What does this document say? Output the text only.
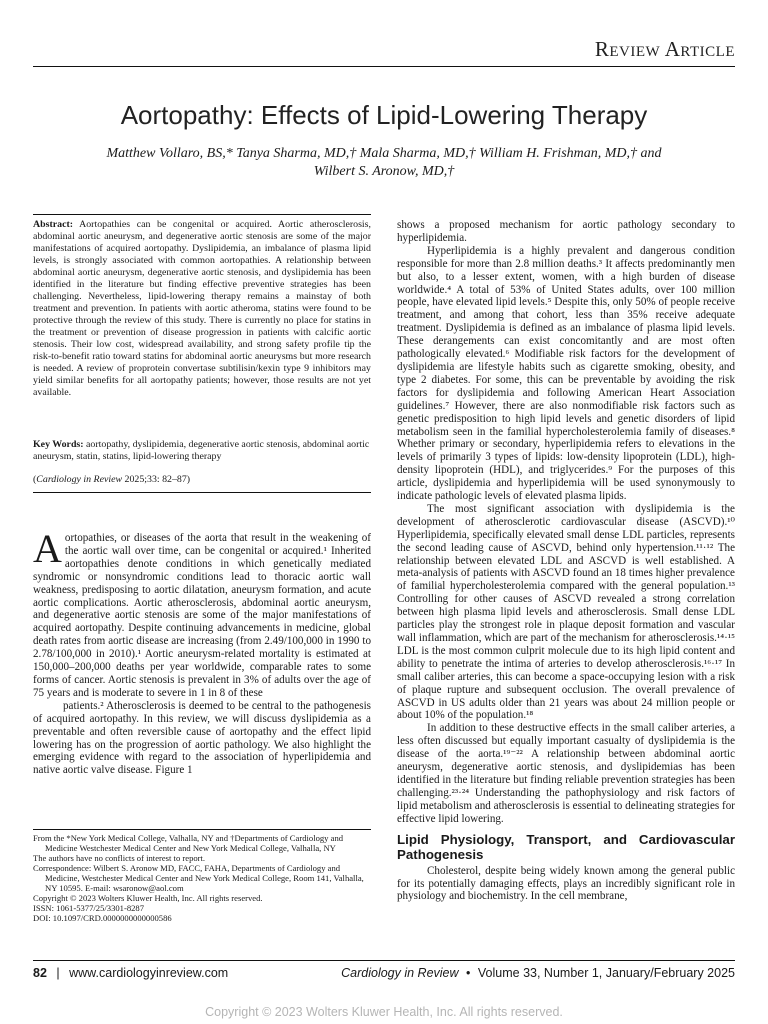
Review Article
Aortopathy: Effects of Lipid-Lowering Therapy
Matthew Vollaro, BS,* Tanya Sharma, MD,† Mala Sharma, MD,† William H. Frishman, MD,† and
Wilbert S. Aronow, MD,†
Abstract: Aortopathies can be congenital or acquired. Aortic atherosclerosis, abdominal aortic aneurysm, and degenerative aortic stenosis are some of the major manifestations of acquired aortopathy. Dyslipidemia, an imbalance of plasma lipid levels, is strongly associated with common aortopathies. A relationship between abdominal aortic aneurysm, degenerative aortic stenosis, and dyslipidemia has been identified in the literature but finding effective preventive strategies has been challenging. Nevertheless, lipid-lowering therapy remains a mainstay of both treatment and prevention. In patients with aortic atheroma, statins were found to be protective through the review of this study. There is currently no place for statins in the treatment or prevention of disease progression in patients with calcific aortic stenosis. Their low cost, widespread availability, and strong safety profile tip the risk-to-benefit ratio toward statins for abdominal aortic aneurysms but more research is needed. A review of proprotein convertase subtilisin/kexin type 9 inhibitors may yield similar benefits for all aortopathy patients; however, those results are not yet available.
Key Words: aortopathy, dyslipidemia, degenerative aortic stenosis, abdominal aortic aneurysm, statin, statins, lipid-lowering therapy
(Cardiology in Review 2025;33: 82–87)

Aortopathies, or diseases of the aorta that result in the weakening of the aortic wall over time, can be congenital or acquired.¹ Inherited aortopathies denote conditions in which genetically mediated syndromic or nonsyndromic conditions lead to thoracic aortic wall weakness, predisposing to aortic dilatation, aneurysm formation, and acute aortic complications. Aortic atherosclerosis, abdominal aortic aneurysm, and degenerative aortic stenosis are some of the major manifestations of acquired aortopathy. Despite continuing advancements in medicine, global death rates from aortic disease are increasing (from 2.49/100,000 in 1990 to 2.78/100,000 in 2010).¹ Aortic aneurysm-related mortality is estimated at 150,000–200,000 deaths per year worldwide, comparable rates to some forms of cancer. Aortic stenosis is prevalent in 3% of adults over the age of 75 years and is moderate to severe in 1 in 8 of these

patients.² Atherosclerosis is deemed to be central to the pathogenesis of acquired aortopathy. In this review, we will discuss dyslipidemia as a preventable and often reversible cause of aortopathy and the effect lipid lowering has on the progression of aortic pathology. We also highlight the emerging evidence with regard to the association of hyperlipidemia and native aortic valve disease. Figure 1

From the *New York Medical College, Valhalla, NY and †Departments of Cardiology and Medicine Westchester Medical Center and New York Medical College, Valhalla, NY

The authors have no conflicts of interest to report.

Correspondence: Wilbert S. Aronow MD, FACC, FAHA, Departments of Cardiology and Medicine, Westchester Medical Center and New York Medical College, Room 141, Valhalla, NY 10595. E-mail: wsaronow@aol.com

Copyright © 2023 Wolters Kluwer Health, Inc. All rights reserved.

ISSN: 1061-5377/25/3301-8287

DOI: 10.1097/CRD.0000000000000586

shows a proposed mechanism for aortic pathology secondary to hyperlipidemia.

Hyperlipidemia is a highly prevalent and dangerous condition responsible for more than 2.8 million deaths.³ It affects predominantly men but also, to a lesser extent, women, with a high burden of disease worldwide.⁴ A total of 53% of United States adults, over 100 million people, have elevated lipid levels.⁵ Despite this, only 50% of people receive treatment, and among that cohort, less than 35% receive adequate treatment. Dyslipidemia is defined as an imbalance of plasma lipid levels. These derangements can exist concomitantly and are most often pathologically elevated.⁶ Modifiable risk factors for the development of dyslipidemia are lifestyle habits such as cigarette smoking, obesity, and type 2 diabetes. For some, this can be preventable by avoiding the risk factors for dyslipidemia and following American Heart Association guidelines.⁷ However, there are also nonmodifiable risk factors such as genetic predisposition to high lipid levels and genetic disorders of lipid metabolism seen in the familial hypercholesterolemia family of diseases.⁸ Whether primary or secondary, hyperlipidemia refers to elevations in the levels of primarily 3 types of lipids: low-density lipoprotein (LDL), high-density lipoprotein (HDL), and triglycerides.⁹ For the purposes of this article, dyslipidemia and hyperlipidemia will be used synonymously to indicate pathologic levels of elevated plasma lipids.

The most significant association with dyslipidemia is the development of atherosclerotic cardiovascular disease (ASCVD).¹⁰ Hyperlipidemia, specifically elevated small dense LDL particles, represents the second leading cause of ASCVD, behind only hypertension.¹¹·¹² The relationship between elevated LDL and ASCVD is well established. A meta-analysis of patients with ASCVD found an 18 times higher prevalence of familial hypercholesterolemia compared with the general population.¹³ Controlling for other causes of ASCVD revealed a strong correlation between high plasma lipid levels and atherosclerosis. Small dense LDL particles play the strongest role in plaque deposit formation and vascular wall inflammation, which are part of the mechanism for atherosclerosis.¹⁴·¹⁵ LDL is the most common culprit molecule due to its high lipid content and ability to penetrate the intima of arteries to develop atherosclerosis.¹⁶·¹⁷ In small caliber arteries, this can become a space-occupying lesion with a risk of plaque rupture and subsequent occlusion. The overall prevalence of ASCVD in US adults older than 21 years was about 24 million people or about 10% of the population.¹⁸

In addition to these destructive effects in the small caliber arteries, a less often discussed but equally important casualty of dyslipidemia is the disease of the aorta.¹⁹⁻²² A relationship between abdominal aortic aneurysm, degenerative aortic stenosis, and dyslipidemias has been identified in the literature but finding reliable prevention strategies has been challenging.²³·²⁴ Understanding the pathophysiology and risk factors of lipid metabolism and atherosclerosis is essential to delineating strategies for effective lipid lowering.

Lipid Physiology, Transport, and Cardiovascular Pathogenesis

Cholesterol, despite being widely known among the general public for its potentially damaging effects, plays an incredibly significant role in physiology and biochemistry. In the cell membrane,

82 | www.cardiologyinreview.com	Cardiology in Review • Volume 33, Number 1, January/February 2025
Copyright © 2023 Wolters Kluwer Health, Inc. All rights reserved.
